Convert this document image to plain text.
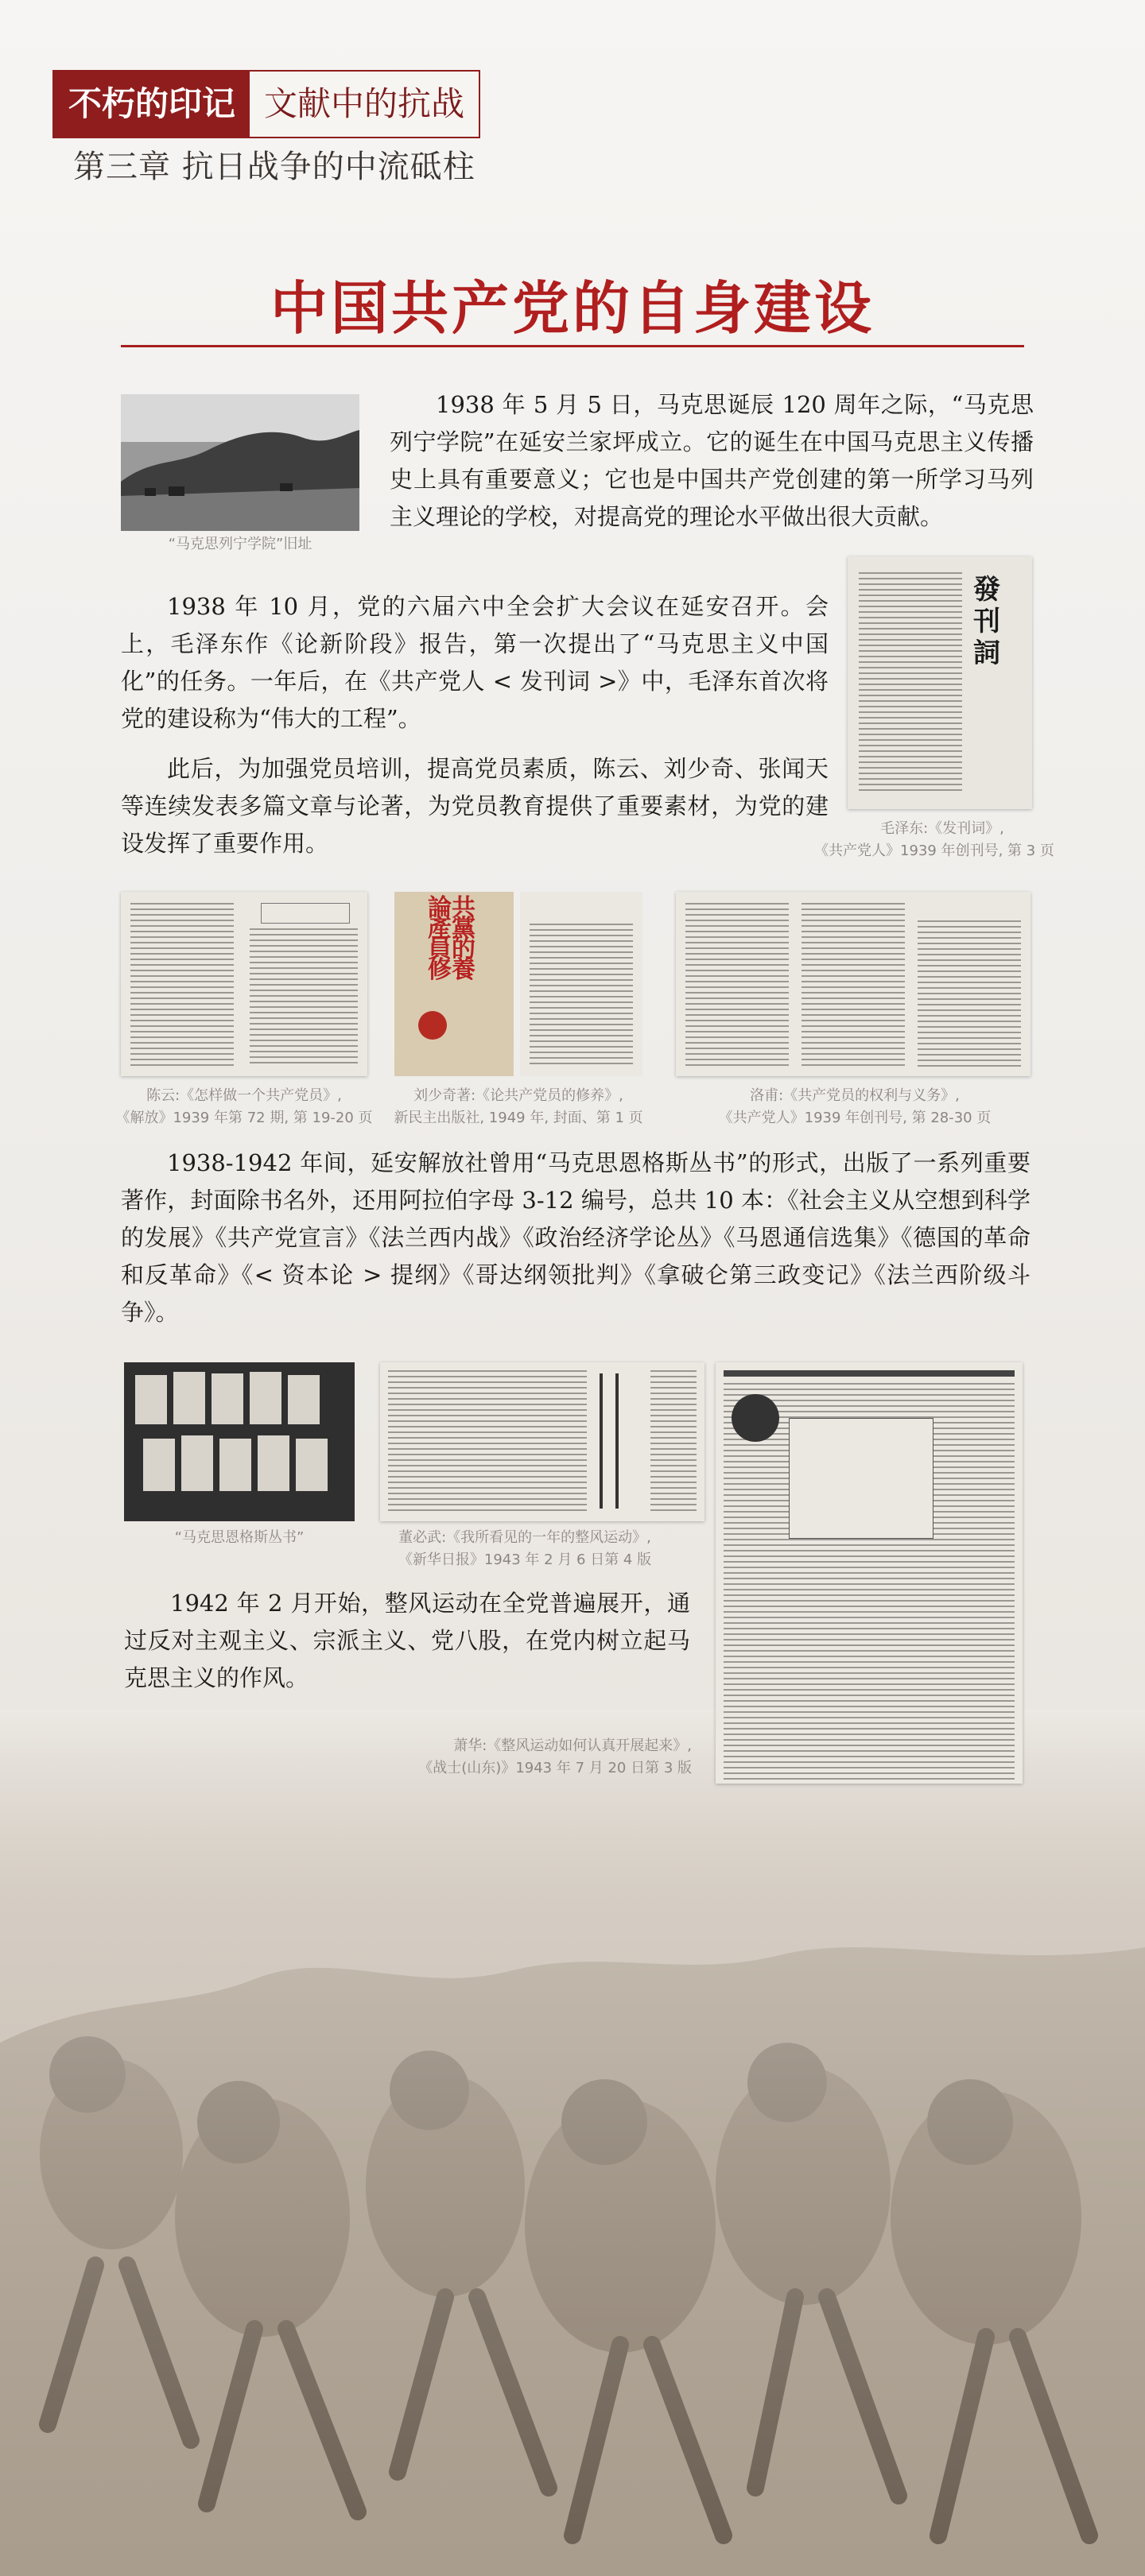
不朽的印记 文献中的抗战
第三章 抗日战争的中流砥柱
中国共产党的自身建设
“马克思列宁学院”旧址
1938 年 5 月 5 日，马克思诞辰 120 周年之际，“马克思列宁学院”在延安兰家坪成立。它的诞生在中国马克思主义传播史上具有重要意义；它也是中国共产党创建的第一所学习马列主义理论的学校，对提高党的理论水平做出很大贡献。
發刊詞
毛泽东:《发刊词》,
《共产党人》1939 年创刊号, 第 3 页
1938 年 10 月，党的六届六中全会扩大会议在延安召开。会上，毛泽东作《论新阶段》报告，第一次提出了“马克思主义中国化”的任务。一年后，在《共产党人 < 发刊词 >》中，毛泽东首次将党的建设称为“伟大的工程”。
此后，为加强党员培训，提高党员素质，陈云、刘少奇、张闻天等连续发表多篇文章与论著，为党员教育提供了重要素材，为党的建设发挥了重要作用。
陈云:《怎样做一个共产党员》,
《解放》1939 年第 72 期, 第 19-20 页
論共產黨員的修養
刘少奇著:《论共产党员的修养》,
新民主出版社, 1949 年, 封面、第 1 页
洛甫:《共产党员的权利与义务》,
《共产党人》1939 年创刊号, 第 28-30 页
1938-1942 年间，延安解放社曾用“马克思恩格斯丛书”的形式，出版了一系列重要著作，封面除书名外，还用阿拉伯字母 3-12 编号，总共 10 本：《社会主义从空想到科学的发展》《共产党宣言》《法兰西内战》《政治经济学论丛》《马恩通信选集》《德国的革命和反革命》《< 资本论 > 提纲》《哥达纲领批判》《拿破仑第三政变记》《法兰西阶级斗争》。
“马克思恩格斯丛书”	董必武:《我所看见的一年的整风运动》,
《新华日报》1943 年 2 月 6 日第 4 版
萧华:《整风运动如何认真开展起来》,
《战士(山东)》1943 年 7 月 20 日第 3 版
1942 年 2 月开始，整风运动在全党普遍展开，通过反对主观主义、宗派主义、党八股，在党内树立起马克思主义的作风。
